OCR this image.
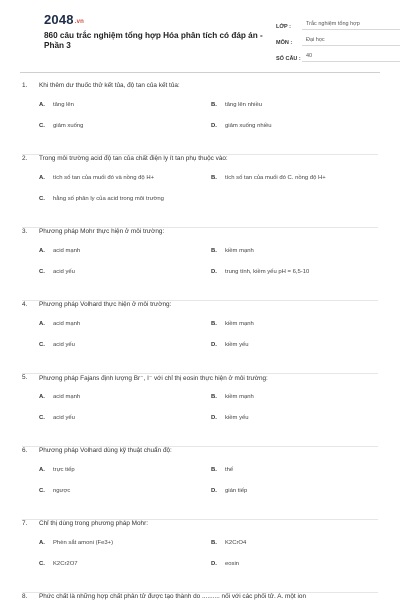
2048.vn
860 câu trắc nghiệm tổng hợp Hóa phân tích có đáp án - Phần 3
LỚP :	Trắc nghiệm tổng hợp
MÔN :	Đại học
SỐ CÂU : 40
1.	Khi thêm dư thuốc thử kết tủa, độ tan của kết tủa:
A.	tăng lên	B.	tăng lên nhiều
C.	giảm xuống	D.	giảm xuống nhiều
2.	Trong môi trường acid độ tan của chất điện ly ít tan phụ thuộc vào:
A.	tích số tan của muối đó và nồng độ H+	B.	tích số tan của muối đó C. nồng độ H+
C.	hằng số phân ly của acid trong môi trường
3.	Phương pháp Mohr thực hiện ở môi trường:
A.	acid mạnh	B.	kiềm mạnh
C.	acid yếu	D.	trung tính, kiềm yếu pH = 6,5-10
4.	Phương pháp Volhard thực hiện ở môi trường:
A.	acid mạnh	B.	kiềm mạnh
C.	acid yếu	D.	kiềm yếu
5.	Phương pháp Fajans định lượng Br⁻, I⁻ với chỉ thị eosin thực hiện ở môi trường:
A.	acid mạnh	B.	kiềm mạnh
C.	acid yếu	D.	kiềm yếu
6.	Phương pháp Volhard dùng kỹ thuật chuẩn độ:
A.	trực tiếp	B.	thế
C.	ngược	D.	gián tiếp
7.	Chỉ thị dùng trong phương pháp Mohr:
A.	Phèn sắt amoni (Fe3+)	B.	K2CrO4
C.	K2Cr2O7	D.	eosin
8.	Phức chất là những hợp chất phân tử được tạo thành do .......... nối với các phối tử. A. một ion
